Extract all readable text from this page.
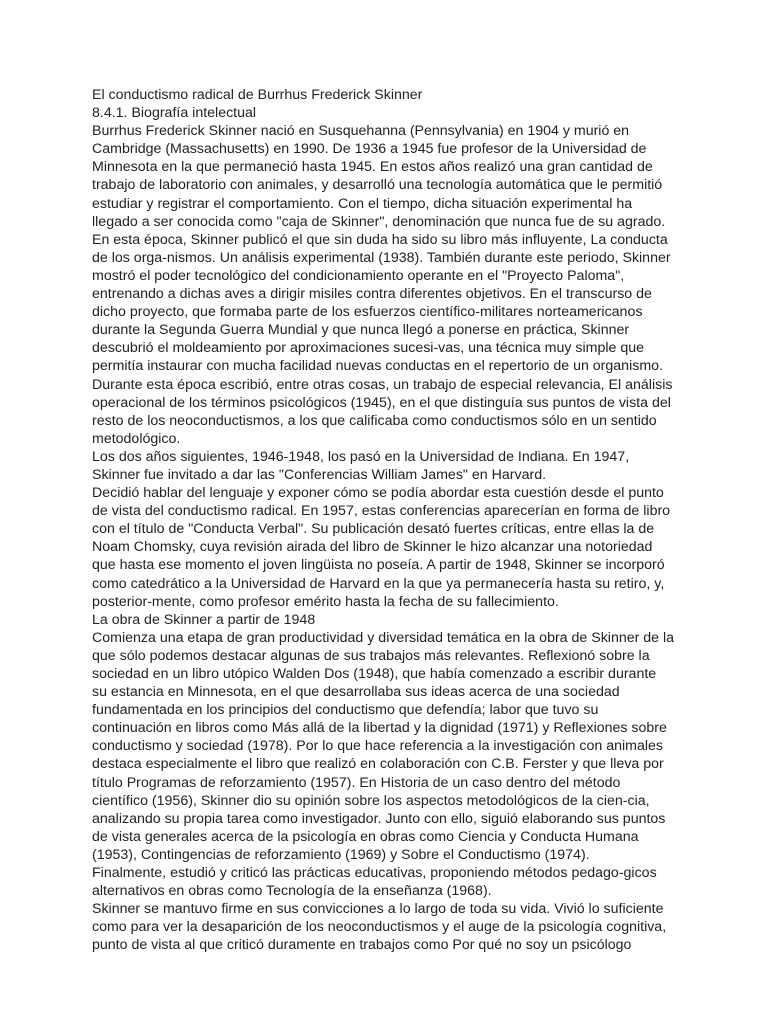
El conductismo radical de Burrhus Frederick Skinner
8.4.1. Biografía intelectual
Burrhus Frederick Skinner nació en Susquehanna (Pennsylvania) en 1904 y murió en
Cambridge (Massachusetts) en 1990. De 1936 a 1945 fue profesor de la Universidad de
Minnesota en la que permaneció hasta 1945. En estos años realizó una gran cantidad de
trabajo de laboratorio con animales, y desarrolló una tecnología automática que le permitió
estudiar y registrar el comportamiento. Con el tiempo, dicha situación experimental ha
llegado a ser conocida como "caja de Skinner", denominación que nunca fue de su agrado.
En esta época, Skinner publicó el que sin duda ha sido su libro más influyente, La conducta
de los orga-nismos. Un análisis experimental (1938). También durante este periodo, Skinner
mostró el poder tecnológico del condicionamiento operante en el "Proyecto Paloma",
entrenando a dichas aves a dirigir misiles contra diferentes objetivos. En el transcurso de
dicho proyecto, que formaba parte de los esfuerzos científico-militares norteamericanos
durante la Segunda Guerra Mundial y que nunca llegó a ponerse en práctica, Skinner
descubrió el moldeamiento por aproximaciones sucesi-vas, una técnica muy simple que
permitía instaurar con mucha facilidad nuevas conductas en el repertorio de un organismo.
Durante esta época escribió, entre otras cosas, un trabajo de especial relevancia, El análisis
operacional de los términos psicológicos (1945), en el que distinguía sus puntos de vista del
resto de los neoconductismos, a los que calificaba como conductismos sólo en un sentido
metodológico.
Los dos años siguientes, 1946-1948, los pasó en la Universidad de Indiana. En 1947,
Skinner fue invitado a dar las "Conferencias William James" en Harvard.
Decidió hablar del lenguaje y exponer cómo se podía abordar esta cuestión desde el punto
de vista del conductismo radical. En 1957, estas conferencias aparecerían en forma de libro
con el título de "Conducta Verbal". Su publicación desató fuertes críticas, entre ellas la de
Noam Chomsky, cuya revisión airada del libro de Skinner le hizo alcanzar una notoriedad
que hasta ese momento el joven lingüista no poseía. A partir de 1948, Skinner se incorporó
como catedrático a la Universidad de Harvard en la que ya permanecería hasta su retiro, y,
posterior-mente, como profesor emérito hasta la fecha de su fallecimiento.
La obra de Skinner a partir de 1948
Comienza una etapa de gran productividad y diversidad temática en la obra de Skinner de la
que sólo podemos destacar algunas de sus trabajos más relevantes. Reflexionó sobre la
sociedad en un libro utópico Walden Dos (1948), que había comenzado a escribir durante
su estancia en Minnesota, en el que desarrollaba sus ideas acerca de una sociedad
fundamentada en los principios del conductismo que defendía; labor que tuvo su
continuación en libros como Más allá de la libertad y la dignidad (1971) y Reflexiones sobre
conductismo y sociedad (1978). Por lo que hace referencia a la investigación con animales
destaca especialmente el libro que realizó en colaboración con C.B. Ferster y que lleva por
título Programas de reforzamiento (1957). En Historia de un caso dentro del método
científico (1956), Skinner dio su opinión sobre los aspectos metodológicos de la cien-cia,
analizando su propia tarea como investigador. Junto con ello, siguió elaborando sus puntos
de vista generales acerca de la psicología en obras como Ciencia y Conducta Humana
(1953), Contingencias de reforzamiento (1969) y Sobre el Conductismo (1974).
Finalmente, estudió y criticó las prácticas educativas, proponiendo métodos pedago-gicos
alternativos en obras como Tecnología de la enseñanza (1968).
Skinner se mantuvo firme en sus convicciones a lo largo de toda su vida. Vivió lo suficiente
como para ver la desaparición de los neoconductismos y el auge de la psicología cognitiva,
punto de vista al que criticó duramente en trabajos como Por qué no soy un psicólogo
